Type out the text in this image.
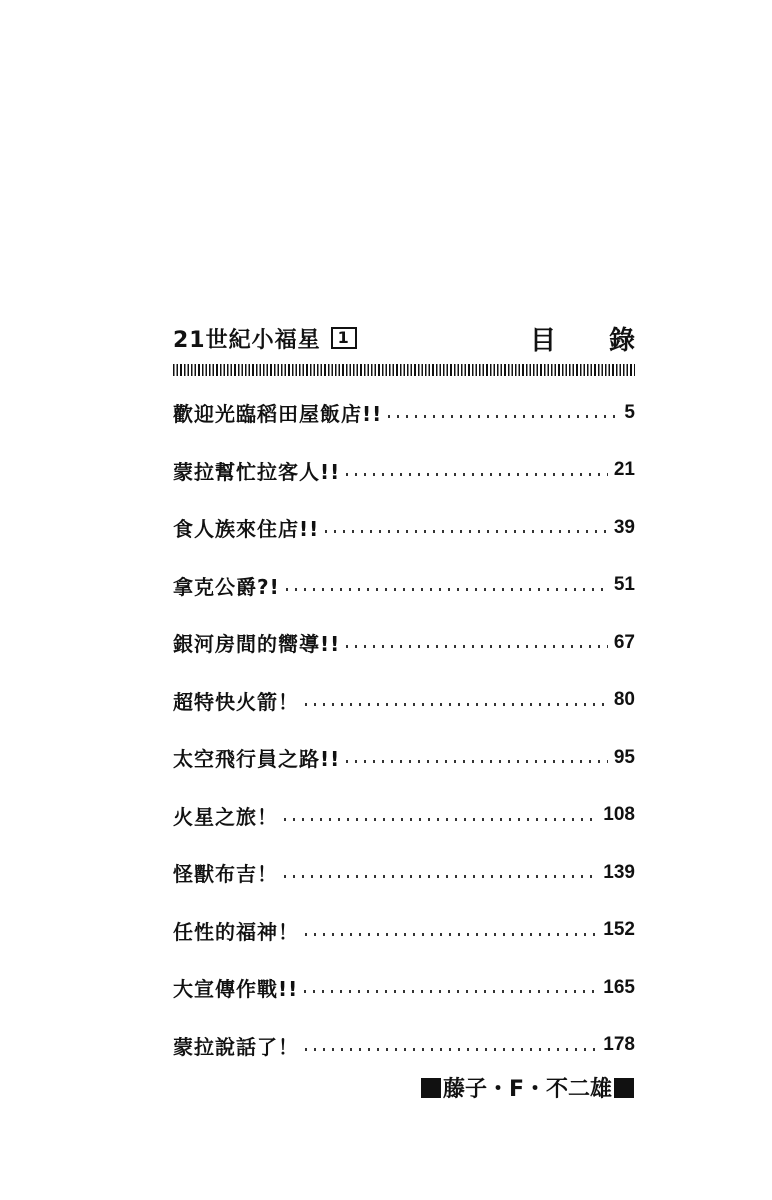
21世紀小福星	1	目 錄
歡迎光臨稻田屋飯店!!	5
蒙拉幫忙拉客人!!	21
食人族來住店!!	39
拿克公爵?!	51
銀河房間的嚮導!!	67
超特快火箭！	80
太空飛行員之路!!	95
火星之旅！	108
怪獸布吉！	139
任性的福神！	152
大宣傳作戰!!	165
蒙拉說話了！	178
藤子・F・不二雄
